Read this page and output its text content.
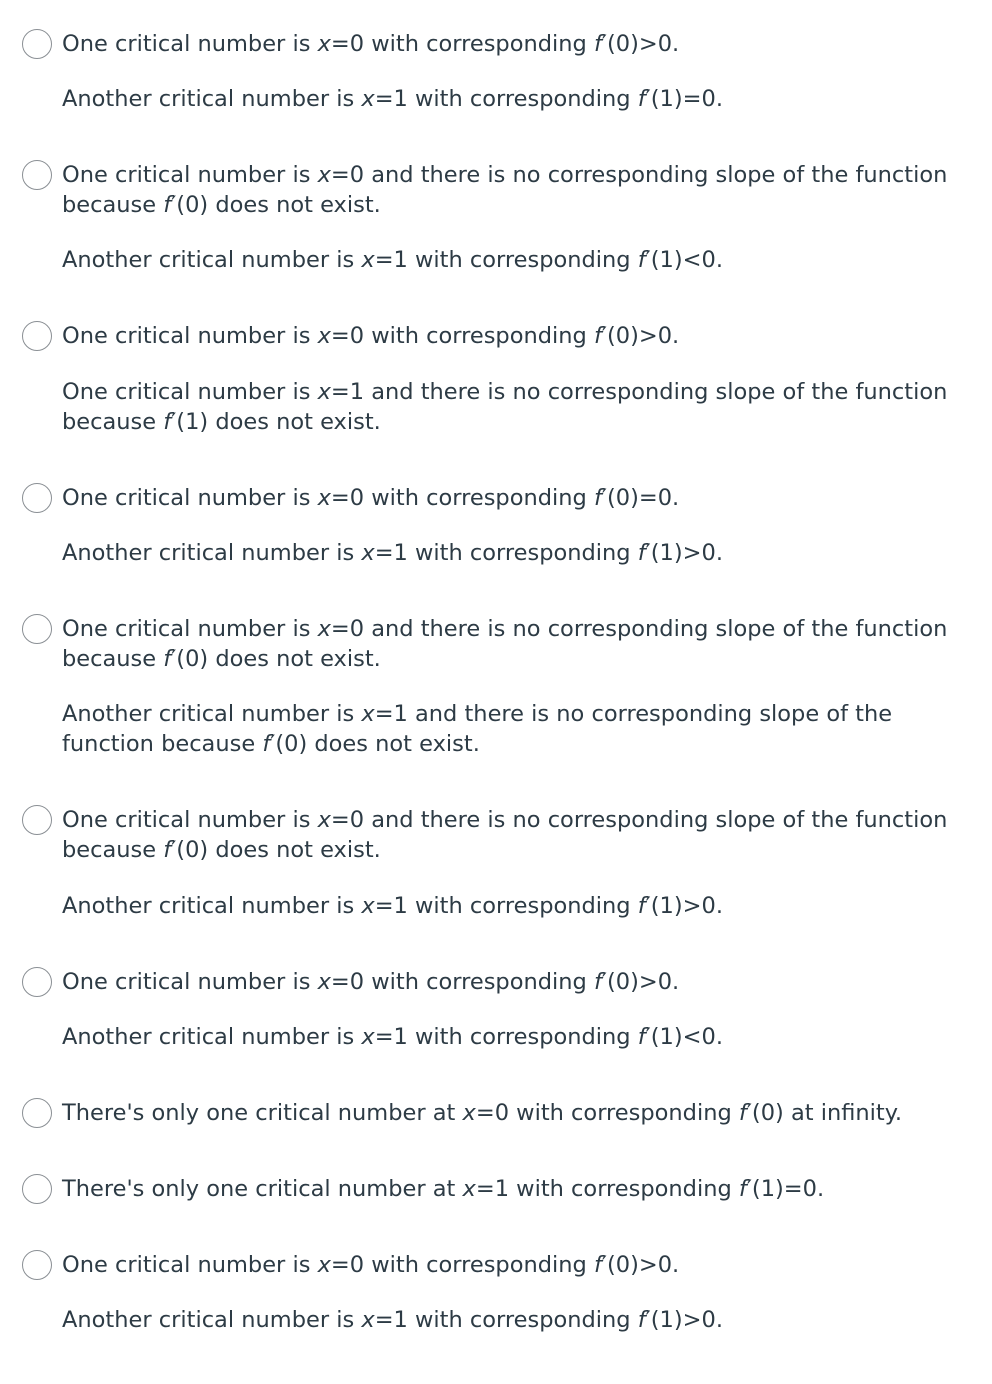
One critical number is x=0 with corresponding f′(0)>0.

Another critical number is x=1 with corresponding f′(1)=0.

One critical number is x=0 and there is no corresponding slope of the function
because f′(0) does not exist.

Another critical number is x=1 with corresponding f′(1)<0.

One critical number is x=0 with corresponding f′(0)>0.

One critical number is x=1 and there is no corresponding slope of the function
because f′(1) does not exist.

One critical number is x=0 with corresponding f′(0)=0.

Another critical number is x=1 with corresponding f′(1)>0.

One critical number is x=0 and there is no corresponding slope of the function
because f′(0) does not exist.

Another critical number is x=1 and there is no corresponding slope of the
function because f′(0) does not exist.

One critical number is x=0 and there is no corresponding slope of the function
because f′(0) does not exist.

Another critical number is x=1 with corresponding f′(1)>0.

One critical number is x=0 with corresponding f′(0)>0.

Another critical number is x=1 with corresponding f′(1)<0.

There's only one critical number at x=0 with corresponding f′(0) at infinity.

There's only one critical number at x=1 with corresponding f′(1)=0.

One critical number is x=0 with corresponding f′(0)>0.

Another critical number is x=1 with corresponding f′(1)>0.
